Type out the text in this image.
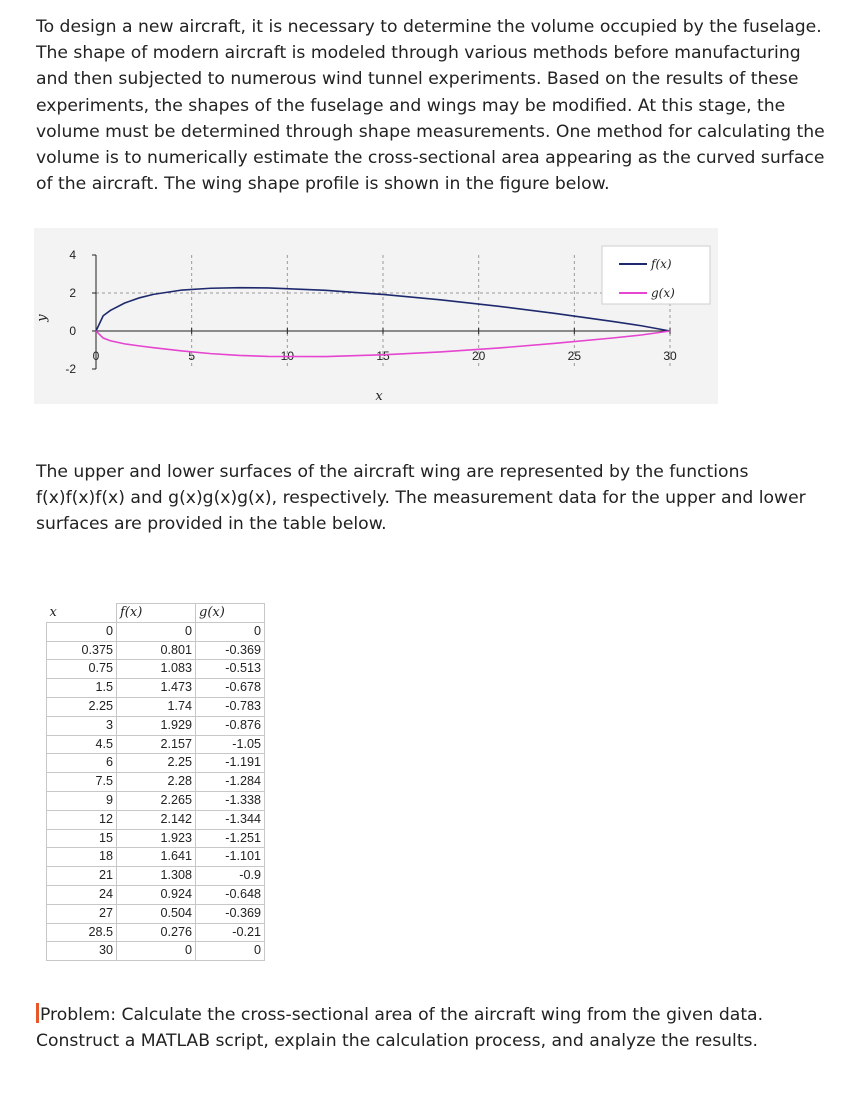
To design a new aircraft, it is necessary to determine the volume occupied by the fuselage. The shape of modern aircraft is modeled through various methods before manufacturing and then subjected to numerous wind tunnel experiments. Based on the results of these experiments, the shapes of the fuselage and wings may be modified. At this stage, the volume must be determined through shape measurements. One method for calculating the volume is to numerically estimate the cross-sectional area appearing as the curved surface of the aircraft. The wing shape profile is shown in the figure below.

4
2
0
-2
0	5	10	15	20	25	30
x
y
f(x)
g(x)

The upper and lower surfaces of the aircraft wing are represented by the functions f(x)f(x)f(x) and g(x)g(x)g(x), respectively. The measurement data for the upper and lower surfaces are provided in the table below.

x	f(x)	g(x)
0	0	0
0.375	0.801	-0.369
0.75	1.083	-0.513
1.5	1.473	-0.678
2.25	1.74	-0.783
3	1.929	-0.876
4.5	2.157	-1.05
6	2.25	-1.191
7.5	2.28	-1.284
9	2.265	-1.338
12	2.142	-1.344
15	1.923	-1.251
18	1.641	-1.101
21	1.308	-0.9
24	0.924	-0.648
27	0.504	-0.369
28.5	0.276	-0.21
30	0	0

Problem: Calculate the cross-sectional area of the aircraft wing from the given data. Construct a MATLAB script, explain the calculation process, and analyze the results.
